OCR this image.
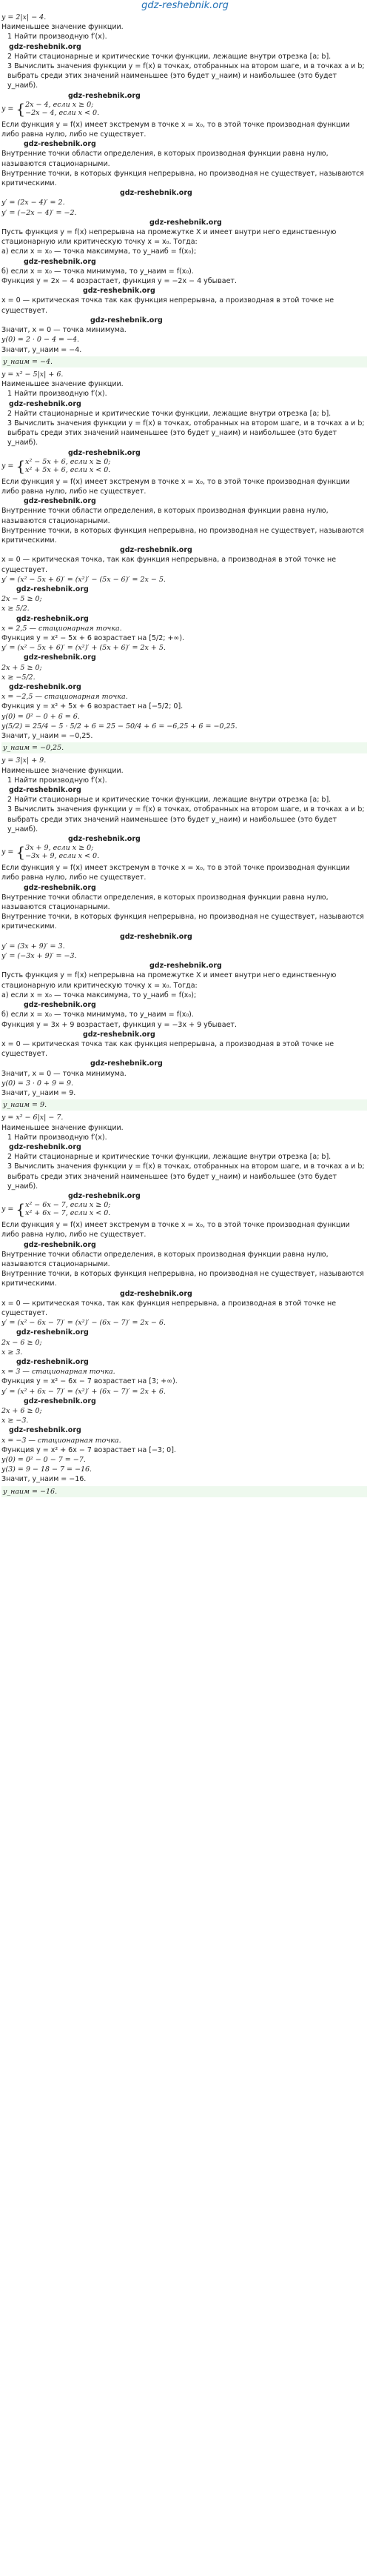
gdz-reshebnik.org
y = 2|x| − 4.
Наименьшее значение функции.
1 Найти производную f′(x).
gdz-reshebnik.org
2 Найти стационарные и критические точки функции, лежащие внутри отрезка [a; b].
3 Вычислить значения функции y = f(x) в точках, отобранных на втором шаге, и в точках a и b; выбрать среди этих значений наименьшее (это будет y_наим) и наибольшее (это будет y_наиб).
gdz-reshebnik.org
y = { 2x − 4, если x ≥ 0;
−2x − 4, если x < 0.
Если функция y = f(x) имеет экстремум в точке x = x₀, то в этой точке производная функции либо равна нулю, либо не существует.
gdz-reshebnik.org
Внутренние точки области определения, в которых производная функции равна нулю, называются стационарными.
Внутренние точки, в которых функция непрерывна, но производная не существует, называются критическими.
gdz-reshebnik.org
y′ = (2x − 4)′ = 2.
y′ = (−2x − 4)′ = −2.
gdz-reshebnik.org
Пусть функция y = f(x) непрерывна на промежутке X и имеет внутри него единственную стационарную или критическую точку x = x₀. Тогда:
а) если x = x₀ — точка максимума, то y_наиб = f(x₀);
gdz-reshebnik.org
б) если x = x₀ — точка минимума, то y_наим = f(x₀).
Функция y = 2x − 4 возрастает, функция y = −2x − 4 убывает.
gdz-reshebnik.org
x = 0 — критическая точка так как функция непрерывна, а производная в этой точке не существует.
gdz-reshebnik.org
Значит, x = 0 — точка минимума.
y(0) = 2 · 0 − 4 = −4.
Значит, y_наим = −4.
y_наим = −4.
y = x² − 5|x| + 6.
Наименьшее значение функции.
1 Найти производную f′(x).
gdz-reshebnik.org
2 Найти стационарные и критические точки функции, лежащие внутри отрезка [a; b].
3 Вычислить значения функции y = f(x) в точках, отобранных на втором шаге, и в точках a и b; выбрать среди этих значений наименьшее (это будет y_наим) и наибольшее (это будет y_наиб).
gdz-reshebnik.org
y = { x² − 5x + 6, если x ≥ 0;
x² + 5x + 6, если x < 0.
Если функция y = f(x) имеет экстремум в точке x = x₀, то в этой точке производная функции либо равна нулю, либо не существует.
gdz-reshebnik.org
Внутренние точки области определения, в которых производная функции равна нулю, называются стационарными.
Внутренние точки, в которых функция непрерывна, но производная не существует, называются критическими.
gdz-reshebnik.org
x = 0 — критическая точка, так как функция непрерывна, а производная в этой точке не существует.
y′ = (x² − 5x + 6)′ = (x²)′ − (5x − 6)′ = 2x − 5.
gdz-reshebnik.org
2x − 5 ≥ 0;
x ≥ 5/2.
gdz-reshebnik.org
x = 2,5 — стационарная точка.
Функция y = x² − 5x + 6 возрастает на [5/2; +∞).
y′ = (x² − 5x + 6)′ = (x²)′ + (5x + 6)′ = 2x + 5.
gdz-reshebnik.org
2x + 5 ≥ 0;
x ≥ −5/2.
gdz-reshebnik.org
x = −2,5 — стационарная точка.
Функция y = x² + 5x + 6 возрастает на [−5/2; 0].
y(0) = 0² − 0 + 6 = 6.
y(5/2) = 25/4 − 5 · 5/2 + 6 = 25 − 50/4 + 6 = −6,25 + 6 = −0,25.
Значит, y_наим = −0,25.
y_наим = −0,25.
y = 3|x| + 9.
Наименьшее значение функции.
1 Найти производную f′(x).
gdz-reshebnik.org
2 Найти стационарные и критические точки функции, лежащие внутри отрезка [a; b].
3 Вычислить значения функции y = f(x) в точках, отобранных на втором шаге, и в точках a и b; выбрать среди этих значений наименьшее (это будет y_наим) и наибольшее (это будет y_наиб).
gdz-reshebnik.org
y = { 3x + 9, если x ≥ 0;
−3x + 9, если x < 0.
Если функция y = f(x) имеет экстремум в точке x = x₀, то в этой точке производная функции либо равна нулю, либо не существует.
gdz-reshebnik.org
Внутренние точки области определения, в которых производная функции равна нулю, называются стационарными.
Внутренние точки, в которых функция непрерывна, но производная не существует, называются критическими.
gdz-reshebnik.org
y′ = (3x + 9)′ = 3.
y′ = (−3x + 9)′ = −3.
gdz-reshebnik.org
Пусть функция y = f(x) непрерывна на промежутке X и имеет внутри него единственную стационарную или критическую точку x = x₀. Тогда:
а) если x = x₀ — точка максимума, то y_наиб = f(x₀);
gdz-reshebnik.org
б) если x = x₀ — точка минимума, то y_наим = f(x₀).
Функция y = 3x + 9 возрастает, функция y = −3x + 9 убывает.
gdz-reshebnik.org
x = 0 — критическая точка так как функция непрерывна, а производная в этой точке не существует.
gdz-reshebnik.org
Значит, x = 0 — точка минимума.
y(0) = 3 · 0 + 9 = 9.
Значит, y_наим = 9.
y_наим = 9.
y = x² − 6|x| − 7.
Наименьшее значение функции.
1 Найти производную f′(x).
gdz-reshebnik.org
2 Найти стационарные и критические точки функции, лежащие внутри отрезка [a; b].
3 Вычислить значения функции y = f(x) в точках, отобранных на втором шаге, и в точках a и b; выбрать среди этих значений наименьшее (это будет y_наим) и наибольшее (это будет y_наиб).
gdz-reshebnik.org
y = { x² − 6x − 7, если x ≥ 0;
x² + 6x − 7, если x < 0.
Если функция y = f(x) имеет экстремум в точке x = x₀, то в этой точке производная функции либо равна нулю, либо не существует.
gdz-reshebnik.org
Внутренние точки области определения, в которых производная функции равна нулю, называются стационарными.
Внутренние точки, в которых функция непрерывна, но производная не существует, называются критическими.
gdz-reshebnik.org
x = 0 — критическая точка, так как функция непрерывна, а производная в этой точке не существует.
y′ = (x² − 6x − 7)′ = (x²)′ − (6x − 7)′ = 2x − 6.
gdz-reshebnik.org
2x − 6 ≥ 0;
x ≥ 3.
gdz-reshebnik.org
x = 3 — стационарная точка.
Функция y = x² − 6x − 7 возрастает на [3; +∞).
y′ = (x² + 6x − 7)′ = (x²)′ + (6x − 7)′ = 2x + 6.
gdz-reshebnik.org
2x + 6 ≥ 0;
x ≥ −3.
gdz-reshebnik.org
x = −3 — стационарная точка.
Функция y = x² + 6x − 7 возрастает на [−3; 0].
y(0) = 0² − 0 − 7 = −7.
y(3) = 9 − 18 − 7 = −16.
Значит, y_наим = −16.
y_наим = −16.
